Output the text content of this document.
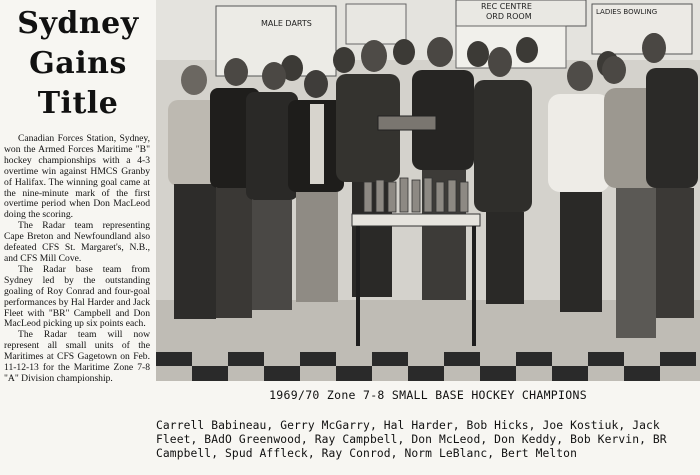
Sydney
Gains
Title

Canadian Forces Station, Sydney, won the Armed Forces Maritime "B" hockey championships with a 4-3 overtime win against HMCS Granby of Halifax. The winning goal came at the nine-minute mark of the first overtime period when Don MacLeod doing the scoring.

The Radar team representing Cape Breton and Newfoundland also defeated CFS St. Margaret's, N.B., and CFS Mill Cove.

The Radar base team from Sydney led by the outstanding goaling of Roy Conrad and four-goal performances by Hal Harder and Jack Fleet with "BR" Campbell and Don MacLeod picking up six points each.

The Radar team will now represent all small units of the Maritimes at CFS Gagetown on Feb. 11-12-13 for the Maritime Zone 7-8 "A" Division championship.

MALE DARTS
REC CENTRE
ORD ROOM	LADIES BOWLING

1969/70 Zone 7-8 SMALL BASE HOCKEY CHAMPIONS

Carrell Babineau, Gerry McGarry, Hal Harder, Bob Hicks, Joe Kostiuk, Jack Fleet, BAdO Greenwood, Ray Campbell, Don McLeod, Don Keddy, Bob Kervin, BR Campbell, Spud Affleck, Ray Conrod, Norm LeBlanc, Bert Melton
